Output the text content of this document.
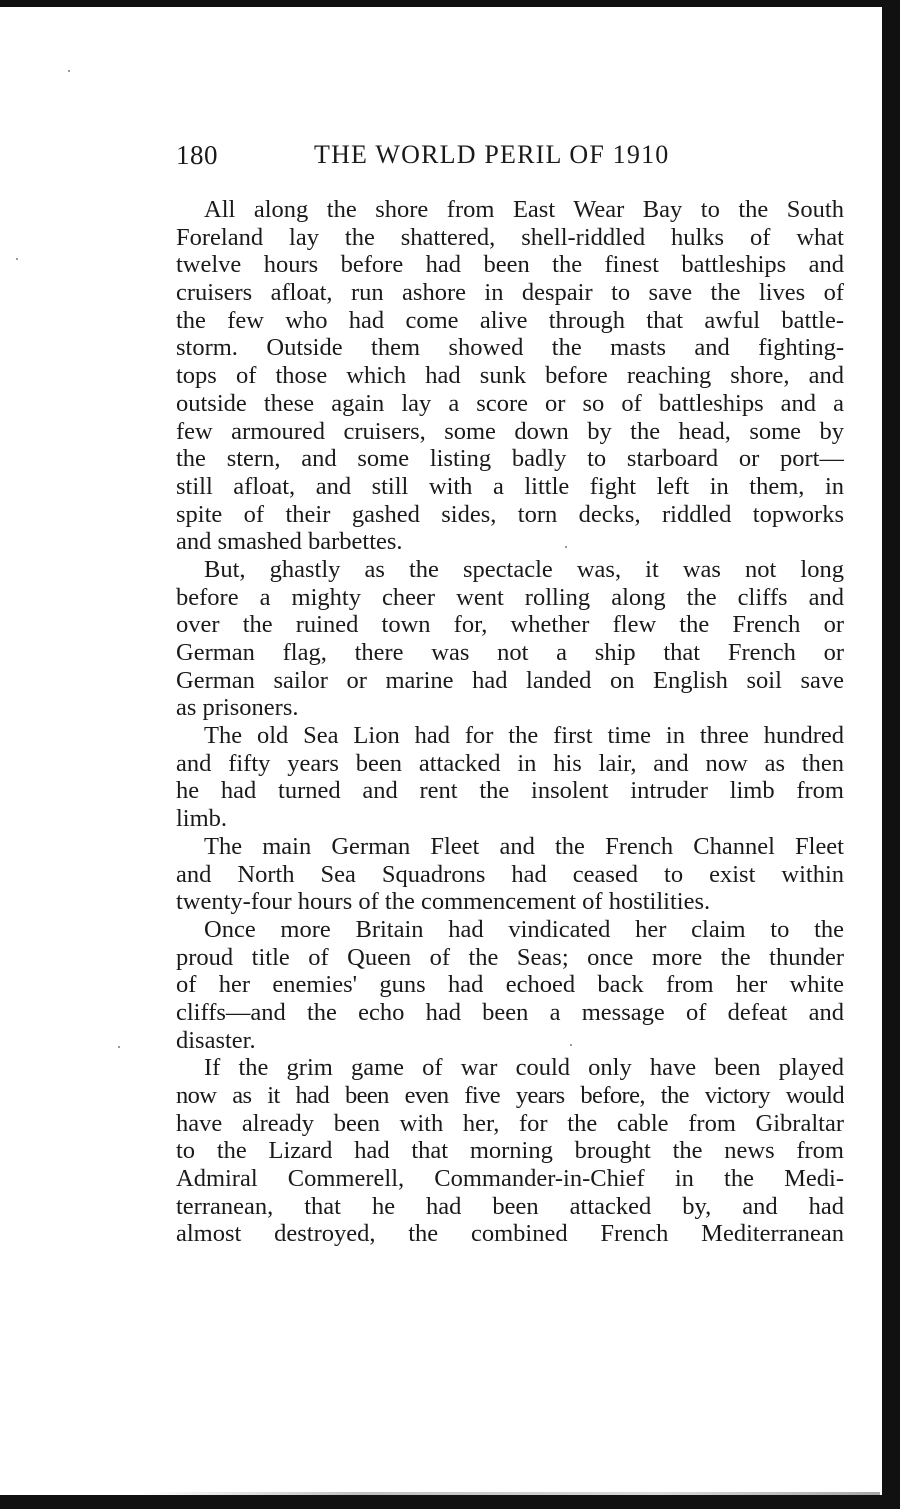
180	THE WORLD PERIL OF 1910
All along the shore from East Wear Bay to the South
Foreland lay the shattered, shell-riddled hulks of what
twelve hours before had been the finest battleships and
cruisers afloat, run ashore in despair to save the lives of
the few who had come alive through that awful battle-
storm. Outside them showed the masts and fighting-
tops of those which had sunk before reaching shore, and
outside these again lay a score or so of battleships and a
few armoured cruisers, some down by the head, some by
the stern, and some listing badly to starboard or port—
still afloat, and still with a little fight left in them, in
spite of their gashed sides, torn decks, riddled topworks
and smashed barbettes.
But, ghastly as the spectacle was, it was not long
before a mighty cheer went rolling along the cliffs and
over the ruined town for, whether flew the French or
German flag, there was not a ship that French or
German sailor or marine had landed on English soil save
as prisoners.
The old Sea Lion had for the first time in three hundred
and fifty years been attacked in his lair, and now as then
he had turned and rent the insolent intruder limb from
limb.
The main German Fleet and the French Channel Fleet
and North Sea Squadrons had ceased to exist within
twenty-four hours of the commencement of hostilities.
Once more Britain had vindicated her claim to the
proud title of Queen of the Seas; once more the thunder
of her enemies' guns had echoed back from her white
cliffs—and the echo had been a message of defeat and
disaster.
If the grim game of war could only have been played
now as it had been even five years before, the victory would
have already been with her, for the cable from Gibraltar
to the Lizard had that morning brought the news from
Admiral Commerell, Commander-in-Chief in the Medi-
terranean, that he had been attacked by, and had
almost destroyed, the combined French Mediterranean
